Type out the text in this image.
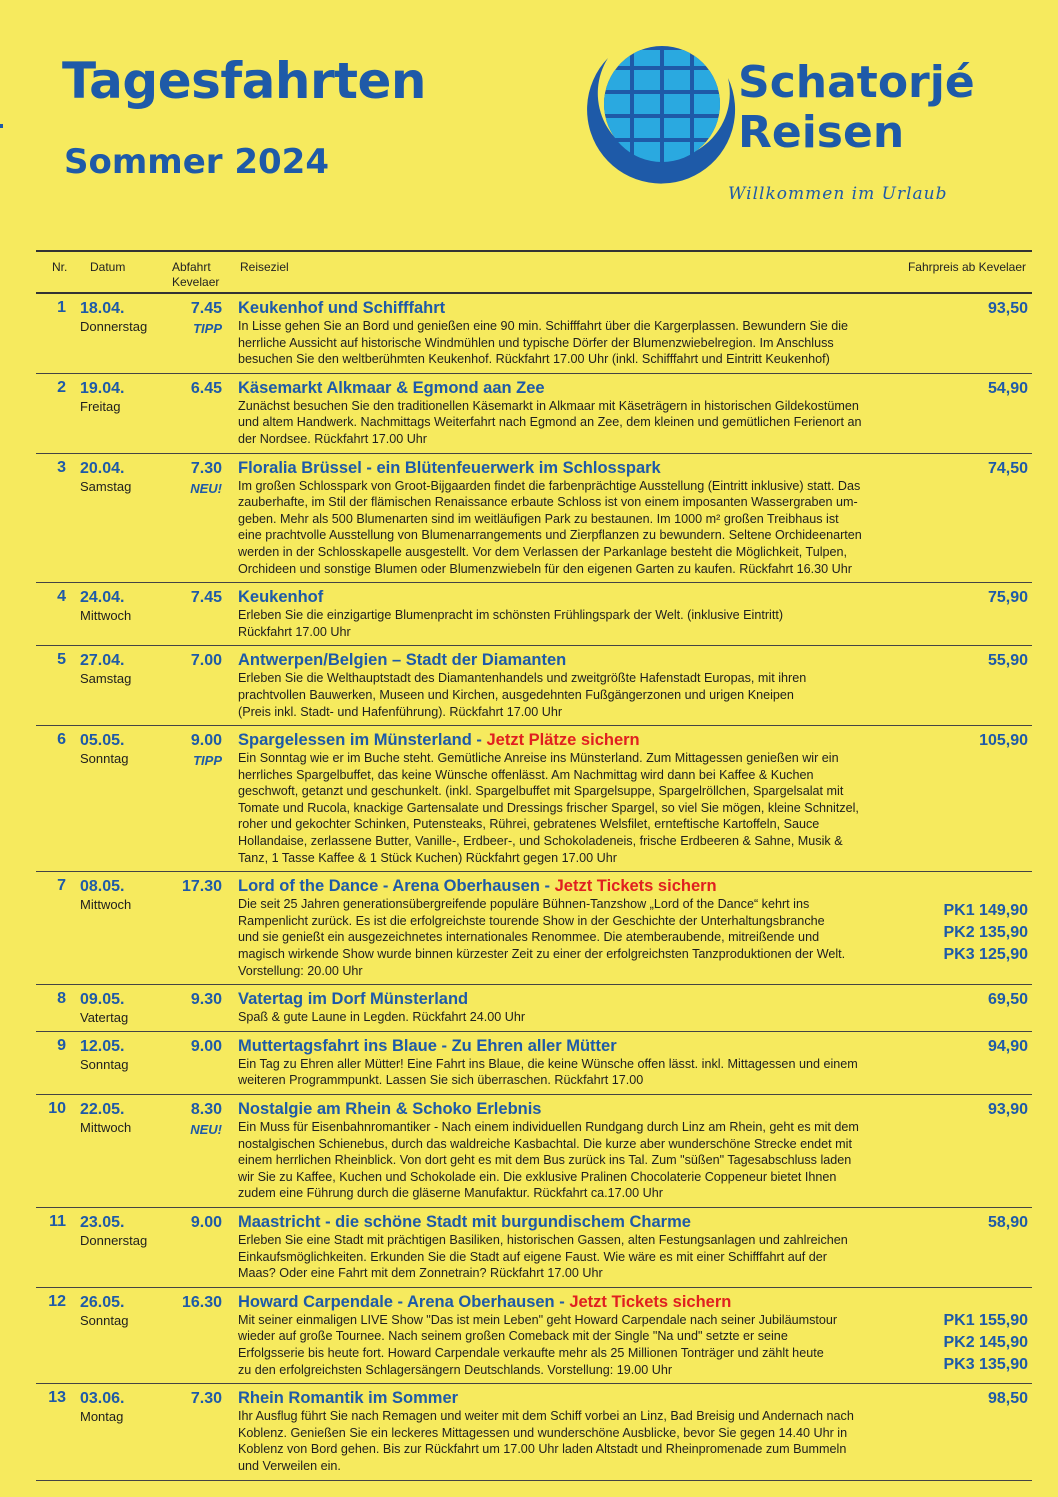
Tagesfahrten
Sommer 2024
Schatorjé
Reisen
Willkommen im Urlaub
Nr. Datum	Abfahrt
Kevelaer
Reiseziel	Fahrpreis ab Kevelaer
1 18.04.
Donnerstag
7.45
TIPP
Keukenhof und Schifffahrt
In Lisse gehen Sie an Bord und genießen eine 90 min. Schifffahrt über die Kargerplassen. Bewundern Sie die
herrliche Aussicht auf historische Windmühlen und typische Dörfer der Blumenzwiebelregion. Im Anschluss
besuchen Sie den weltberühmten Keukenhof. Rückfahrt 17.00 Uhr (inkl. Schifffahrt und Eintritt Keukenhof)
93,50
2 19.04.
Freitag
6.45 Käsemarkt Alkmaar & Egmond aan Zee
Zunächst besuchen Sie den traditionellen Käsemarkt in Alkmaar mit Käseträgern in historischen Gildekostümen
und altem Handwerk. Nachmittags Weiterfahrt nach Egmond an Zee, dem kleinen und gemütlichen Ferienort an
der Nordsee. Rückfahrt 17.00 Uhr
54,90
3 20.04.
Samstag
7.30
NEU!
Floralia Brüssel - ein Blütenfeuerwerk im Schlosspark
Im großen Schlosspark von Groot-Bijgaarden findet die farbenprächtige Ausstellung (Eintritt inklusive) statt. Das
zauberhafte, im Stil der flämischen Renaissance erbaute Schloss ist von einem imposanten Wassergraben um-
geben. Mehr als 500 Blumenarten sind im weitläufigen Park zu bestaunen. Im 1000 m² großen Treibhaus ist
eine prachtvolle Ausstellung von Blumenarrangements und Zierpflanzen zu bewundern. Seltene Orchideenarten
werden in der Schlosskapelle ausgestellt. Vor dem Verlassen der Parkanlage besteht die Möglichkeit, Tulpen,
Orchideen und sonstige Blumen oder Blumenzwiebeln für den eigenen Garten zu kaufen. Rückfahrt 16.30 Uhr
74,50
4 24.04.
Mittwoch
7.45 Keukenhof
Erleben Sie die einzigartige Blumenpracht im schönsten Frühlingspark der Welt. (inklusive Eintritt)
Rückfahrt 17.00 Uhr
75,90
5 27.04.
Samstag
7.00 Antwerpen/Belgien – Stadt der Diamanten
Erleben Sie die Welthauptstadt des Diamantenhandels und zweitgrößte Hafenstadt Europas, mit ihren
prachtvollen Bauwerken, Museen und Kirchen, ausgedehnten Fußgängerzonen und urigen Kneipen
(Preis inkl. Stadt- und Hafenführung). Rückfahrt 17.00 Uhr
55,90
6 05.05.
Sonntag
9.00
TIPP
Spargelessen im Münsterland - Jetzt Plätze sichern
Ein Sonntag wie er im Buche steht. Gemütliche Anreise ins Münsterland. Zum Mittagessen genießen wir ein
herrliches Spargelbuffet, das keine Wünsche offenlässt. Am Nachmittag wird dann bei Kaffee & Kuchen
geschwoft, getanzt und geschunkelt. (inkl. Spargelbuffet mit Spargelsuppe, Spargelröllchen, Spargelsalat mit
Tomate und Rucola, knackige Gartensalate und Dressings frischer Spargel, so viel Sie mögen, kleine Schnitzel,
roher und gekochter Schinken, Putensteaks, Rührei, gebratenes Welsfilet, ernteftische Kartoffeln, Sauce
Hollandaise, zerlassene Butter, Vanille-, Erdbeer-, und Schokoladeneis, frische Erdbeeren & Sahne, Musik &
Tanz, 1 Tasse Kaffee & 1 Stück Kuchen) Rückfahrt gegen 17.00 Uhr
105,90
7 08.05.
Mittwoch
17.30 Lord of the Dance - Arena Oberhausen - Jetzt Tickets sichern
Die seit 25 Jahren generationsübergreifende populäre Bühnen-Tanzshow „Lord of the Dance“ kehrt ins
Rampenlicht zurück. Es ist die erfolgreichste tourende Show in der Geschichte der Unterhaltungsbranche
und sie genießt ein ausgezeichnetes internationales Renommee. Die atemberaubende, mitreißende und
magisch wirkende Show wurde binnen kürzester Zeit zu einer der erfolgreichsten Tanzproduktionen der Welt.
Vorstellung: 20.00 Uhr
PK1 149,90
PK2 135,90
PK3 125,90
8 09.05.
Vatertag
9.30 Vatertag im Dorf Münsterland
Spaß & gute Laune in Legden. Rückfahrt 24.00 Uhr
69,50
9 12.05.
Sonntag
9.00 Muttertagsfahrt ins Blaue - Zu Ehren aller Mütter
Ein Tag zu Ehren aller Mütter! Eine Fahrt ins Blaue, die keine Wünsche offen lässt. inkl. Mittagessen und einem
weiteren Programmpunkt. Lassen Sie sich überraschen. Rückfahrt 17.00
94,90
10 22.05.
Mittwoch
8.30
NEU!
Nostalgie am Rhein & Schoko Erlebnis
Ein Muss für Eisenbahnromantiker - Nach einem individuellen Rundgang durch Linz am Rhein, geht es mit dem
nostalgischen Schienebus, durch das waldreiche Kasbachtal. Die kurze aber wunderschöne Strecke endet mit
einem herrlichen Rheinblick. Von dort geht es mit dem Bus zurück ins Tal. Zum "süßen" Tagesabschluss laden
wir Sie zu Kaffee, Kuchen und Schokolade ein. Die exklusive Pralinen Chocolaterie Coppeneur bietet Ihnen
zudem eine Führung durch die gläserne Manufaktur. Rückfahrt ca.17.00 Uhr
93,90
11 23.05.
Donnerstag
9.00 Maastricht - die schöne Stadt mit burgundischem Charme
Erleben Sie eine Stadt mit prächtigen Basiliken, historischen Gassen, alten Festungsanlagen und zahlreichen
Einkaufsmöglichkeiten. Erkunden Sie die Stadt auf eigene Faust. Wie wäre es mit einer Schifffahrt auf der
Maas? Oder eine Fahrt mit dem Zonnetrain? Rückfahrt 17.00 Uhr
58,90
12 26.05.
Sonntag
16.30 Howard Carpendale - Arena Oberhausen - Jetzt Tickets sichern
Mit seiner einmaligen LIVE Show "Das ist mein Leben" geht Howard Carpendale nach seiner Jubiläumstour
wieder auf große Tournee. Nach seinem großen Comeback mit der Single "Na und" setzte er seine
Erfolgsserie bis heute fort. Howard Carpendale verkaufte mehr als 25 Millionen Tonträger und zählt heute
zu den erfolgreichsten Schlagersängern Deutschlands. Vorstellung: 19.00 Uhr
PK1 155,90
PK2 145,90
PK3 135,90
13 03.06.
Montag
7.30 Rhein Romantik im Sommer
Ihr Ausflug führt Sie nach Remagen und weiter mit dem Schiff vorbei an Linz, Bad Breisig und Andernach nach
Koblenz. Genießen Sie ein leckeres Mittagessen und wunderschöne Ausblicke, bevor Sie gegen 14.40 Uhr in
Koblenz von Bord gehen. Bis zur Rückfahrt um 17.00 Uhr laden Altstadt und Rheinpromenade zum Bummeln
und Verweilen ein.
98,50
